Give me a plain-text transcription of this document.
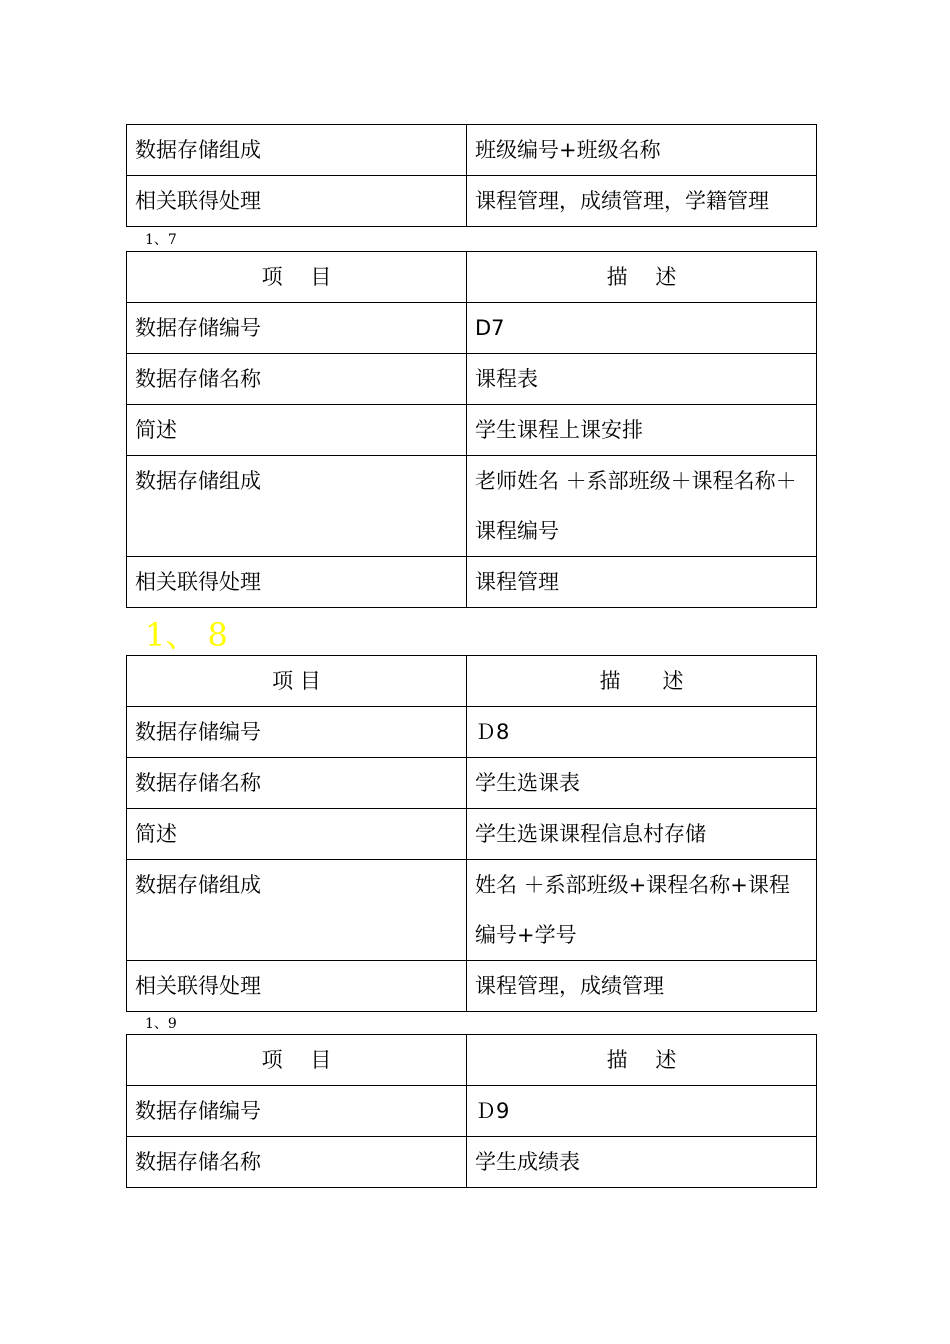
数据存储组成	班级编号+班级名称
相关联得处理	课程管理，成绩管理，学籍管理
1、7
项　 目	描　 述
数据存储编号	D7
数据存储名称	课程表
简述	学生课程上课安排
数据存储组成	老师姓名 ＋系部班级＋课程名称＋课程编号
相关联得处理	课程管理
1、 8
项 目	描　　述
数据存储编号	Ｄ8
数据存储名称	学生选课表
简述	学生选课课程信息村存储
数据存储组成	姓名 ＋系部班级+课程名称+课程编号+学号
相关联得处理	课程管理，成绩管理
1、9
项　 目	描　 述
数据存储编号	Ｄ9
数据存储名称	学生成绩表
